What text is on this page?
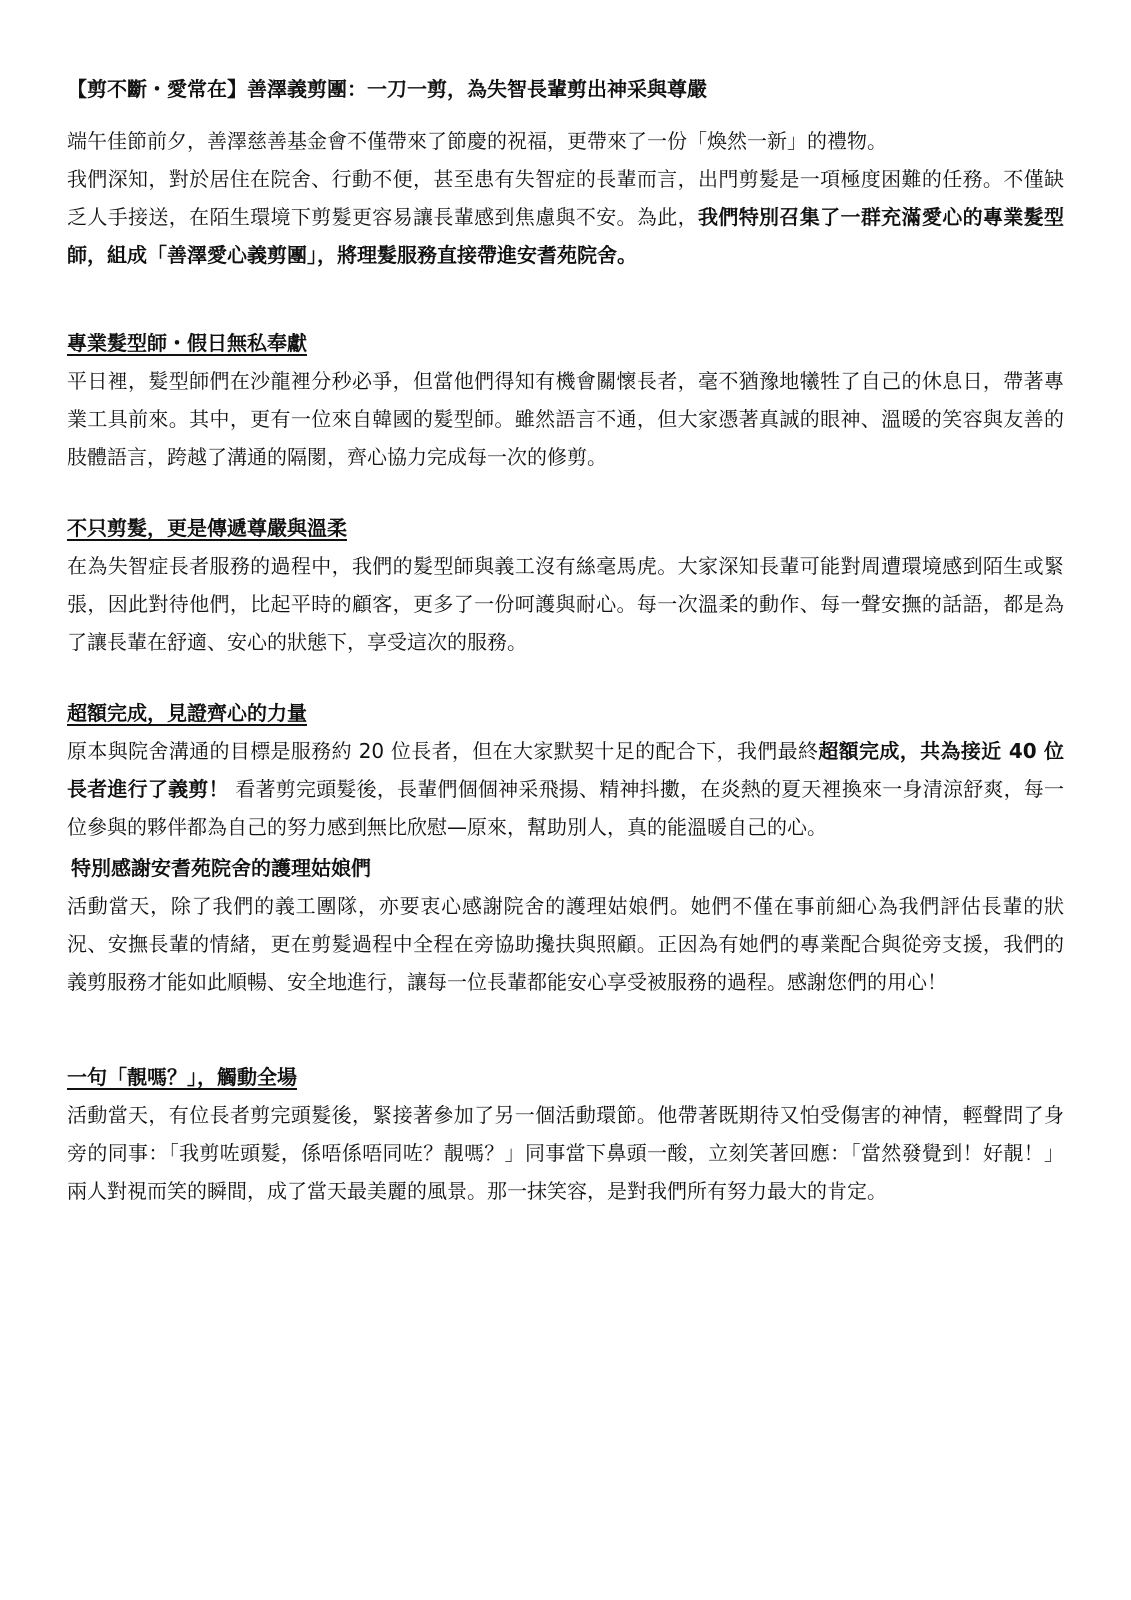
【剪不斷・愛常在】善澤義剪團：一刀一剪，為失智長輩剪出神采與尊嚴

端午佳節前夕，善澤慈善基金會不僅帶來了節慶的祝福，更帶來了一份「煥然一新」的禮物。

我們深知，對於居住在院舍、行動不便，甚至患有失智症的長輩而言，出門剪髮是一項極度困難的任務。不僅缺乏人手接送，在陌生環境下剪髮更容易讓長輩感到焦慮與不安。為此，我們特別召集了一群充滿愛心的專業髮型師，組成「善澤愛心義剪團」，將理髮服務直接帶進安耆苑院舍。

專業髮型師・假日無私奉獻

平日裡，髮型師們在沙龍裡分秒必爭，但當他們得知有機會關懷長者，毫不猶豫地犧牲了自己的休息日，帶著專業工具前來。其中，更有一位來自韓國的髮型師。雖然語言不通，但大家憑著真誠的眼神、溫暖的笑容與友善的肢體語言，跨越了溝通的隔閡，齊心協力完成每一次的修剪。

不只剪髮，更是傳遞尊嚴與溫柔

在為失智症長者服務的過程中，我們的髮型師與義工沒有絲毫馬虎。大家深知長輩可能對周遭環境感到陌生或緊張，因此對待他們，比起平時的顧客，更多了一份呵護與耐心。每一次溫柔的動作、每一聲安撫的話語，都是為了讓長輩在舒適、安心的狀態下，享受這次的服務。

超額完成，見證齊心的力量

原本與院舍溝通的目標是服務約 20 位長者，但在大家默契十足的配合下，我們最終超額完成，共為接近 40 位長者進行了義剪！ 看著剪完頭髮後，長輩們個個神采飛揚、精神抖擻，在炎熱的夏天裡換來一身清涼舒爽，每一位參與的夥伴都為自己的努力感到無比欣慰—原來，幫助別人，真的能溫暖自己的心。

特別感謝安耆苑院舍的護理姑娘們

活動當天，除了我們的義工團隊，亦要衷心感謝院舍的護理姑娘們。她們不僅在事前細心為我們評估長輩的狀況、安撫長輩的情緒，更在剪髮過程中全程在旁協助攙扶與照顧。正因為有她們的專業配合與從旁支援，我們的義剪服務才能如此順暢、安全地進行，讓每一位長輩都能安心享受被服務的過程。感謝您們的用心！

一句「靚嗎？」，觸動全場

活動當天，有位長者剪完頭髮後，緊接著參加了另一個活動環節。他帶著既期待又怕受傷害的神情，輕聲問了身旁的同事：「我剪咗頭髮，係唔係唔同咗？靚嗎？」同事當下鼻頭一酸，立刻笑著回應：「當然發覺到！好靚！」兩人對視而笑的瞬間，成了當天最美麗的風景。那一抹笑容，是對我們所有努力最大的肯定。
